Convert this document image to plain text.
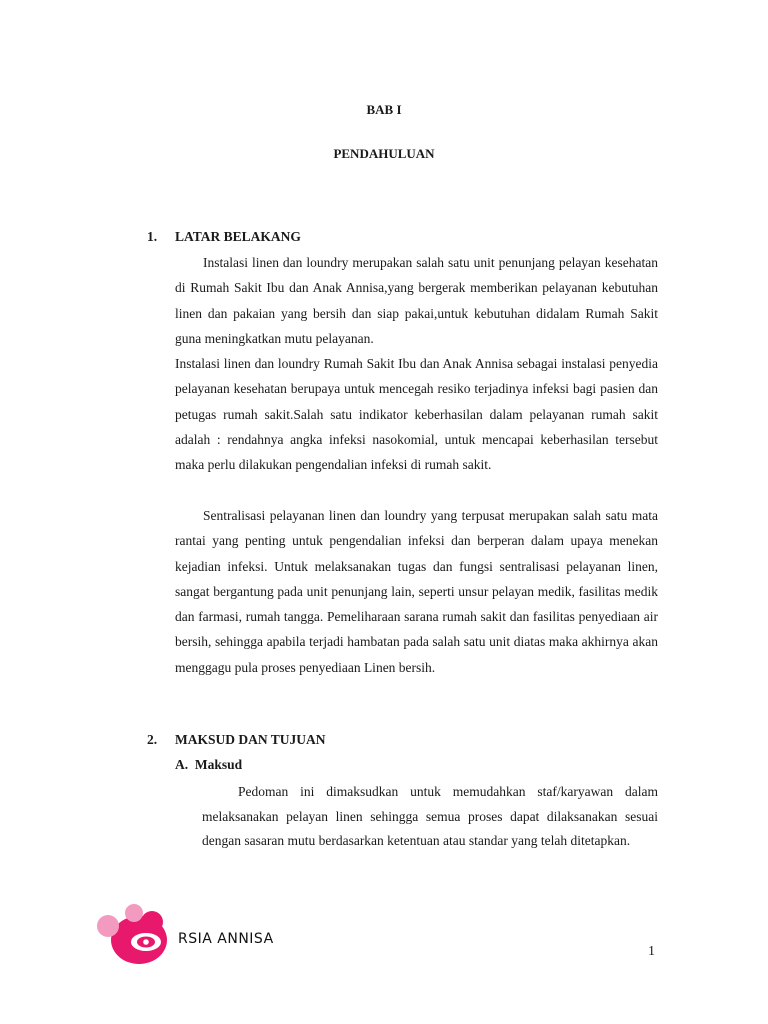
BAB I
PENDAHULUAN
1. LATAR BELAKANG

Instalasi linen dan loundry merupakan salah satu unit penunjang pelayan kesehatan di Rumah Sakit Ibu dan Anak Annisa,yang bergerak memberikan pelayanan kebutuhan linen dan pakaian yang bersih dan siap pakai,untuk kebutuhan didalam Rumah Sakit guna meningkatkan mutu pelayanan.

Instalasi linen dan loundry Rumah Sakit Ibu dan Anak Annisa sebagai instalasi penyedia pelayanan kesehatan berupaya untuk mencegah resiko terjadinya infeksi bagi pasien dan petugas rumah sakit.Salah satu indikator keberhasilan dalam pelayanan rumah sakit adalah : rendahnya angka infeksi nasokomial, untuk mencapai keberhasilan tersebut maka perlu dilakukan pengendalian infeksi di rumah sakit.

Sentralisasi pelayanan linen dan loundry yang terpusat merupakan salah satu mata rantai yang penting untuk pengendalian infeksi dan berperan dalam upaya menekan kejadian infeksi. Untuk melaksanakan tugas dan fungsi sentralisasi pelayanan linen, sangat bergantung pada unit penunjang lain, seperti unsur pelayan medik, fasilitas medik dan farmasi, rumah tangga. Pemeliharaan sarana rumah sakit dan fasilitas penyediaan air bersih, sehingga apabila terjadi hambatan pada salah satu unit diatas maka akhirnya akan menggagu pula proses penyediaan Linen bersih.

2. MAKSUD DAN TUJUAN
A.  Maksud

Pedoman ini dimaksudkan untuk memudahkan staf/karyawan dalam melaksanakan pelayan linen sehingga semua proses dapat dilaksanakan sesuai dengan sasaran mutu berdasarkan ketentuan atau standar yang telah ditetapkan.

RSIA ANNISA
1
